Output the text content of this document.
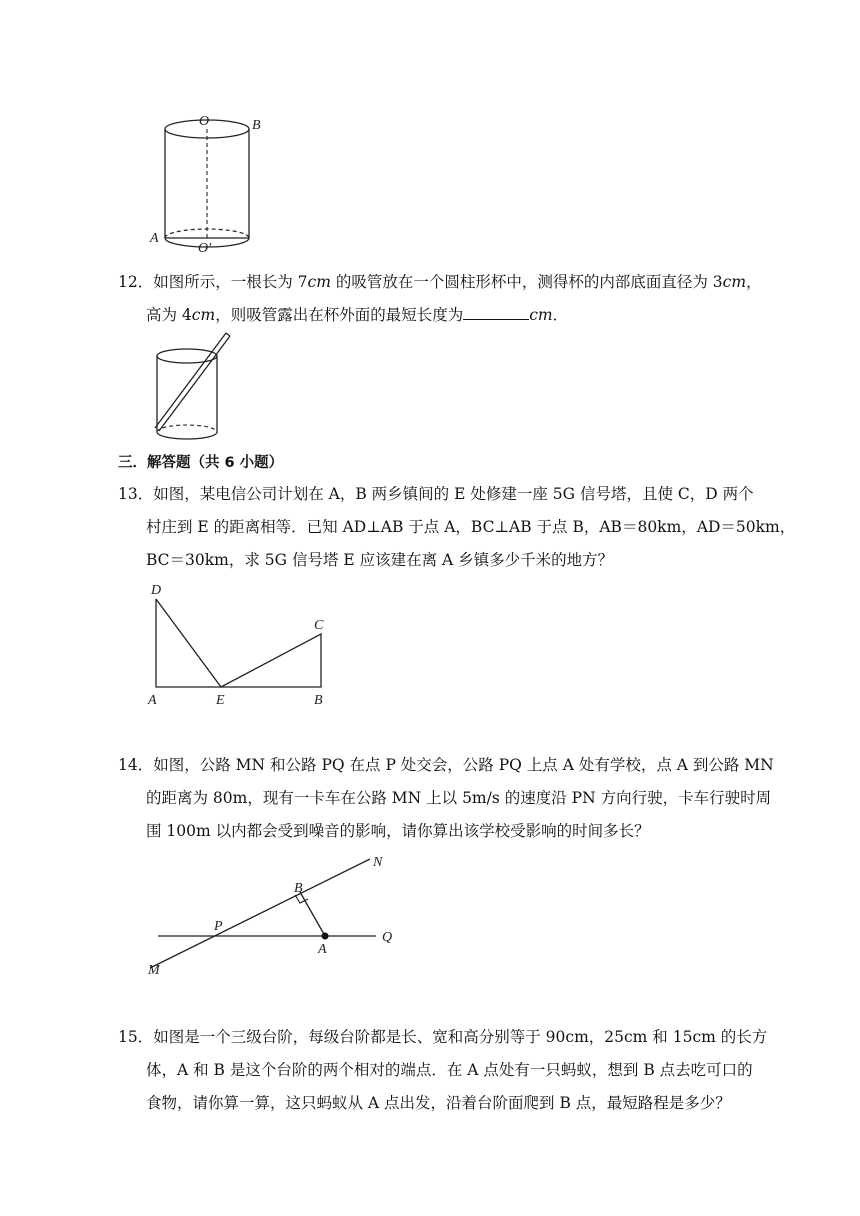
O	B
A
O′
12．如图所示，一根长为 7cm 的吸管放在一个圆柱形杯中，测得杯的内部底面直径为 3cm，
高为 4cm，则吸管露出在杯外面的最短长度为	cm．
三．解答题（共 6 小题）
13．如图，某电信公司计划在 A，B 两乡镇间的 E 处修建一座 5G 信号塔，且使 C，D 两个
村庄到 E 的距离相等．已知 AD⊥AB 于点 A，BC⊥AB 于点 B，AB＝80km，AD＝50km，
BC＝30km，求 5G 信号塔 E 应该建在离 A 乡镇多少千米的地方？
D
C
A	E	B
14．如图，公路 MN 和公路 PQ 在点 P 处交会，公路 PQ 上点 A 处有学校，点 A 到公路 MN
的距离为 80m，现有一卡车在公路 MN 上以 5m/s 的速度沿 PN 方向行驶，卡车行驶时周
围 100m 以内都会受到噪音的影响，请你算出该学校受影响的时间多长？
N
B
P
A
Q
M
15．如图是一个三级台阶，每级台阶都是长、宽和高分别等于 90cm，25cm 和 15cm 的长方
体，A 和 B 是这个台阶的两个相对的端点．在 A 点处有一只蚂蚁，想到 B 点去吃可口的
食物，请你算一算，这只蚂蚁从 A 点出发，沿着台阶面爬到 B 点，最短路程是多少？
